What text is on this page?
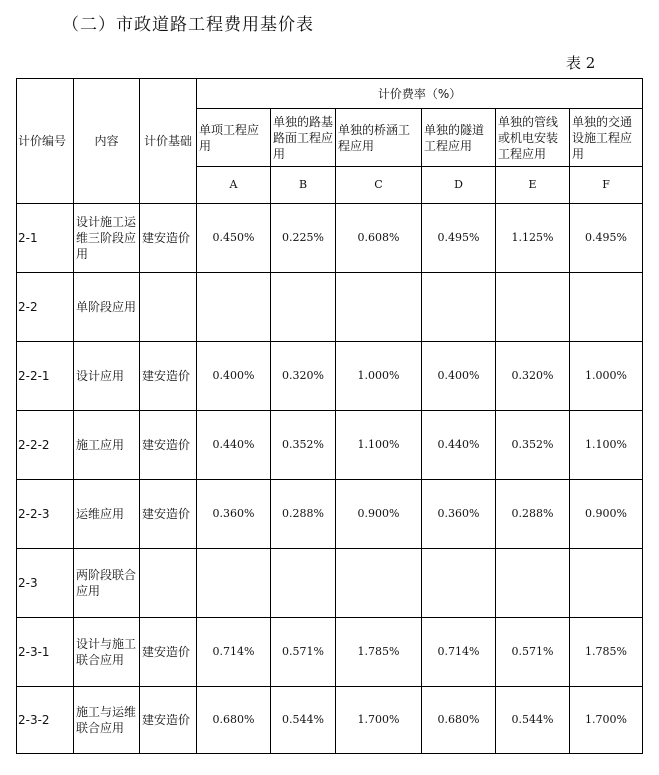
（二）市政道路工程费用基价表
表 2
计价编号	内容	计价基础	计价费率（%）					
			单项工程应用	单独的路基路面工程应用	单独的桥涵工程应用	单独的隧道工程应用	单独的管线或机电安装工程应用	单独的交通设施工程应用
			A	B	C	D	E	F
2-1	设计施工运维三阶段应用	建安造价	0.450%	0.225%	0.608%	0.495%	1.125%	0.495%
2-2	单阶段应用							
2-2-1	设计应用	建安造价	0.400%	0.320%	1.000%	0.400%	0.320%	1.000%
2-2-2	施工应用	建安造价	0.440%	0.352%	1.100%	0.440%	0.352%	1.100%
2-2-3	运维应用	建安造价	0.360%	0.288%	0.900%	0.360%	0.288%	0.900%
2-3	两阶段联合应用							
2-3-1	设计与施工联合应用	建安造价	0.714%	0.571%	1.785%	0.714%	0.571%	1.785%
2-3-2	施工与运维联合应用	建安造价	0.680%	0.544%	1.700%	0.680%	0.544%	1.700%
